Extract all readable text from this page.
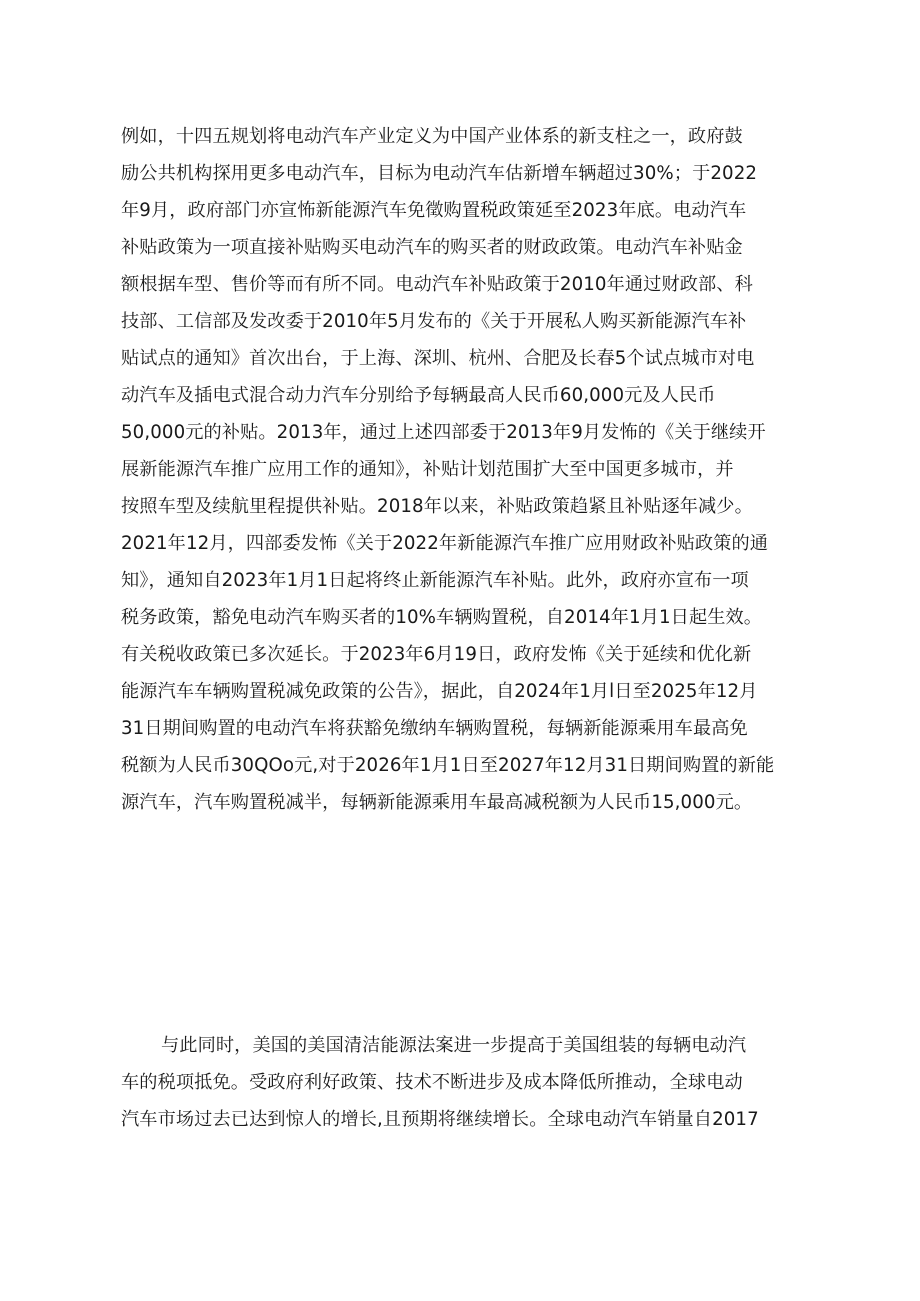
例如，十四五规划将电动汽车产业定义为中国产业体系的新支柱之一，政府鼓
励公共机构探用更多电动汽车，目标为电动汽车估新增车辆超过30%；于2022
年9月，政府部门亦宣怖新能源汽车免徵购置税政策延至2023年底。电动汽车
补贴政策为一项直接补贴购买电动汽车的购买者的财政政策。电动汽车补贴金
额根据车型、售价等而有所不同。电动汽车补贴政策于2010年通过财政部、科
技部、工信部及发改委于2010年5月发布的《关于开展私人购买新能源汽车补
贴试点的通知》首次出台，于上海、深圳、杭州、合肥及长春5个试点城市对电
动汽车及插电式混合动力汽车分别给予每辆最高人民币60,000元及人民币
50,000元的补贴。2013年，通过上述四部委于2013年9月发怖的《关于继续开
展新能源汽车推广应用工作的通知》，补贴计划范围扩大至中国更多城市，并
按照车型及续航里程提供补贴。2018年以来，补贴政策趋紧且补贴逐年减少。
2021年12月，四部委发怖《关于2022年新能源汽车推广应用财政补贴政策的通
知》，通知自2023年1月1日起将终止新能源汽车补贴。此外，政府亦宣布一项
税务政策，豁免电动汽车购买者的10%车辆购置税，自2014年1月1日起生效。
有关税收政策已多次延长。于2023年6月19日，政府发怖《关于延续和优化新
能源汽车车辆购置税减免政策的公告》，据此，自2024年1月l日至2025年12月
31日期间购置的电动汽车将获豁免缴纳车辆购置税，每辆新能源乘用车最高免
税额为人民币30QOo元,对于2026年1月1日至2027年12月31日期间购置的新能
源汽车，汽车购置税减半，每辆新能源乘用车最高减税额为人民币15,000元。
与此同时，美国的美国清洁能源法案进一步提高于美国组装的每辆电动汽
车的税项抵免。受政府利好政策、技术不断进步及成本降低所推动，全球电动
汽车市场过去已达到惊人的增长,且预期将继续增长。全球电动汽车销量自2017
